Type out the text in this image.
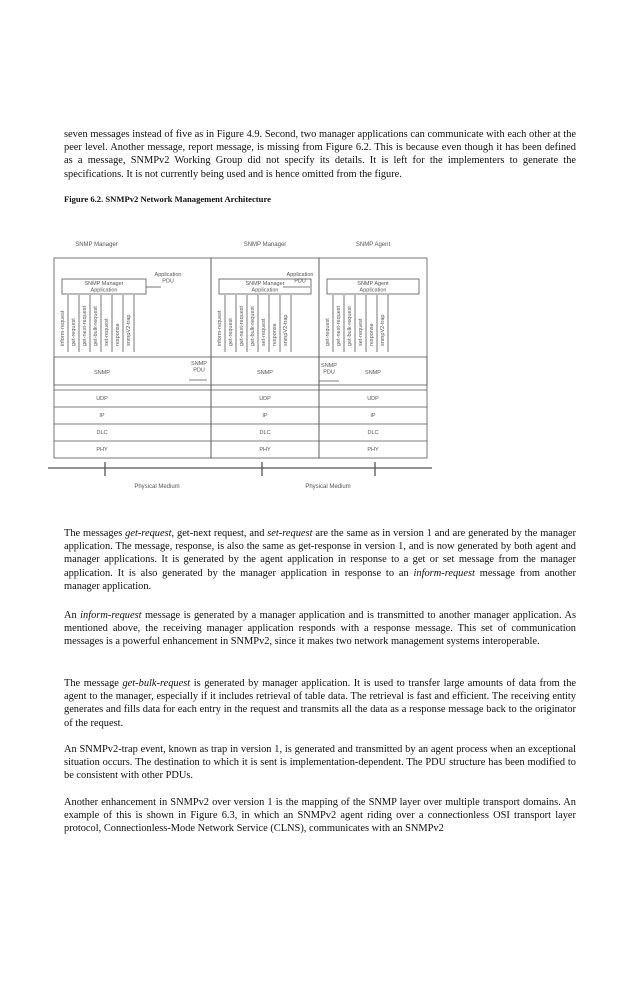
seven messages instead of five as in Figure 4.9. Second, two manager applications can communicate with each other at the peer level. Another message, report message, is missing from Figure 6.2. This is because even though it has been defined as a message, SNMPv2 Working Group did not specify its details. It is left for the implementers to generate the specifications. It is not currently being used and is hence omitted from the figure.

Figure 6.2. SNMPv2 Network Management Architecture
SNMP Manager
SNMP Manager
Application
inform-request get-request get-next-request get-bulk-request set-request response snmpV2-trap
SNMP
UDP
IP
DLC
PHY
SNMP Manager
SNMP Manager
Application
inform-request get-request get-next-request get-bulk-request set-request response snmpV2-trap
SNMP
UDP
IP
DLC
PHY
SNMP Agent
SNMP Agent
Application
get-request get-next-request get-bulk-request set-request response snmpV2-trap
SNMP
UDP
IP
DLC
PHY
Application
PDU
Application
PDU
SNMP
PDU
SNMP
PDU
Physical Medium	Physical Medium

The messages get-request, get-next request, and set-request are the same as in version 1 and are generated by the manager application. The message, response, is also the same as get-response in version 1, and is now generated by both agent and manager applications. It is generated by the agent application in response to a get or set message from the manager application. It is also generated by the manager application in response to an inform-request message from another manager application.

An inform-request message is generated by a manager application and is transmitted to another manager application. As mentioned above, the receiving manager application responds with a response message. This set of communication messages is a powerful enhancement in SNMPv2, since it makes two network management systems interoperable.

The message get-bulk-request is generated by manager application. It is used to transfer large amounts of data from the agent to the manager, especially if it includes retrieval of table data. The retrieval is fast and efficient. The receiving entity generates and fills data for each entry in the request and transmits all the data as a response message back to the originator of the request.

An SNMPv2-trap event, known as trap in version 1, is generated and transmitted by an agent process when an exceptional situation occurs. The destination to which it is sent is implementation-dependent. The PDU structure has been modified to be consistent with other PDUs.

Another enhancement in SNMPv2 over version 1 is the mapping of the SNMP layer over multiple transport domains. An example of this is shown in Figure 6.3, in which an SNMPv2 agent riding over a connectionless OSI transport layer protocol, Connectionless-Mode Network Service (CLNS), communicates with an SNMPv2
